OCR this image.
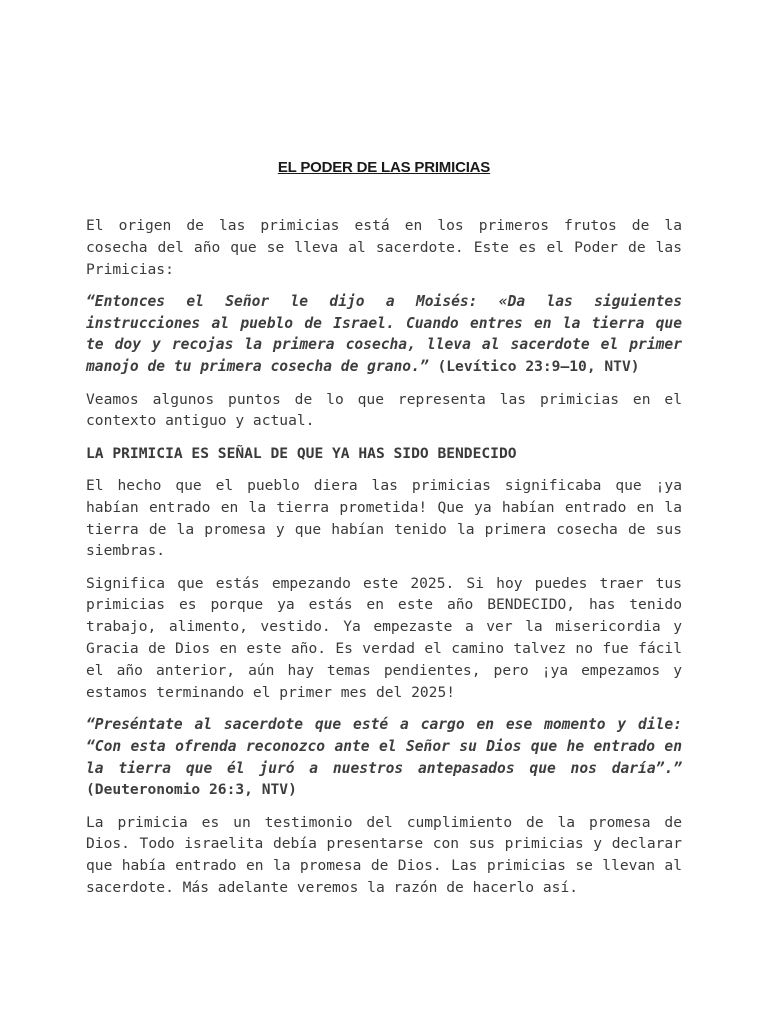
EL PODER DE LAS PRIMICIAS

El origen de las primicias está en los primeros frutos de la cosecha del año que se lleva al sacerdote. Este es el Poder de las Primicias:

“Entonces el Señor le dijo a Moisés: «Da las siguientes instrucciones al pueblo de Israel. Cuando entres en la tierra que te doy y recojas la primera cosecha, lleva al sacerdote el primer manojo de tu primera cosecha de grano.” (Levítico 23:9–10, NTV)

Veamos algunos puntos de lo que representa las primicias en el contexto antiguo y actual.

LA PRIMICIA ES SEÑAL DE QUE YA HAS SIDO BENDECIDO

El hecho que el pueblo diera las primicias significaba que ¡ya habían entrado en la tierra prometida! Que ya habían entrado en la tierra de la promesa y que habían tenido la primera cosecha de sus siembras.

Significa que estás empezando este 2025. Si hoy puedes traer tus primicias es porque ya estás en este año BENDECIDO, has tenido trabajo, alimento, vestido. Ya empezaste a ver la misericordia y Gracia de Dios en este año. Es verdad el camino talvez no fue fácil el año anterior, aún hay temas pendientes, pero ¡ya empezamos y estamos terminando el primer mes del 2025!

“Preséntate al sacerdote que esté a cargo en ese momento y dile: “Con esta ofrenda reconozco ante el Señor su Dios que he entrado en la tierra que él juró a nuestros antepasados que nos daría”.” (Deuteronomio 26:3, NTV)

La primicia es un testimonio del cumplimiento de la promesa de Dios. Todo israelita debía presentarse con sus primicias y declarar que había entrado en la promesa de Dios. Las primicias se llevan al sacerdote. Más adelante veremos la razón de hacerlo así.
